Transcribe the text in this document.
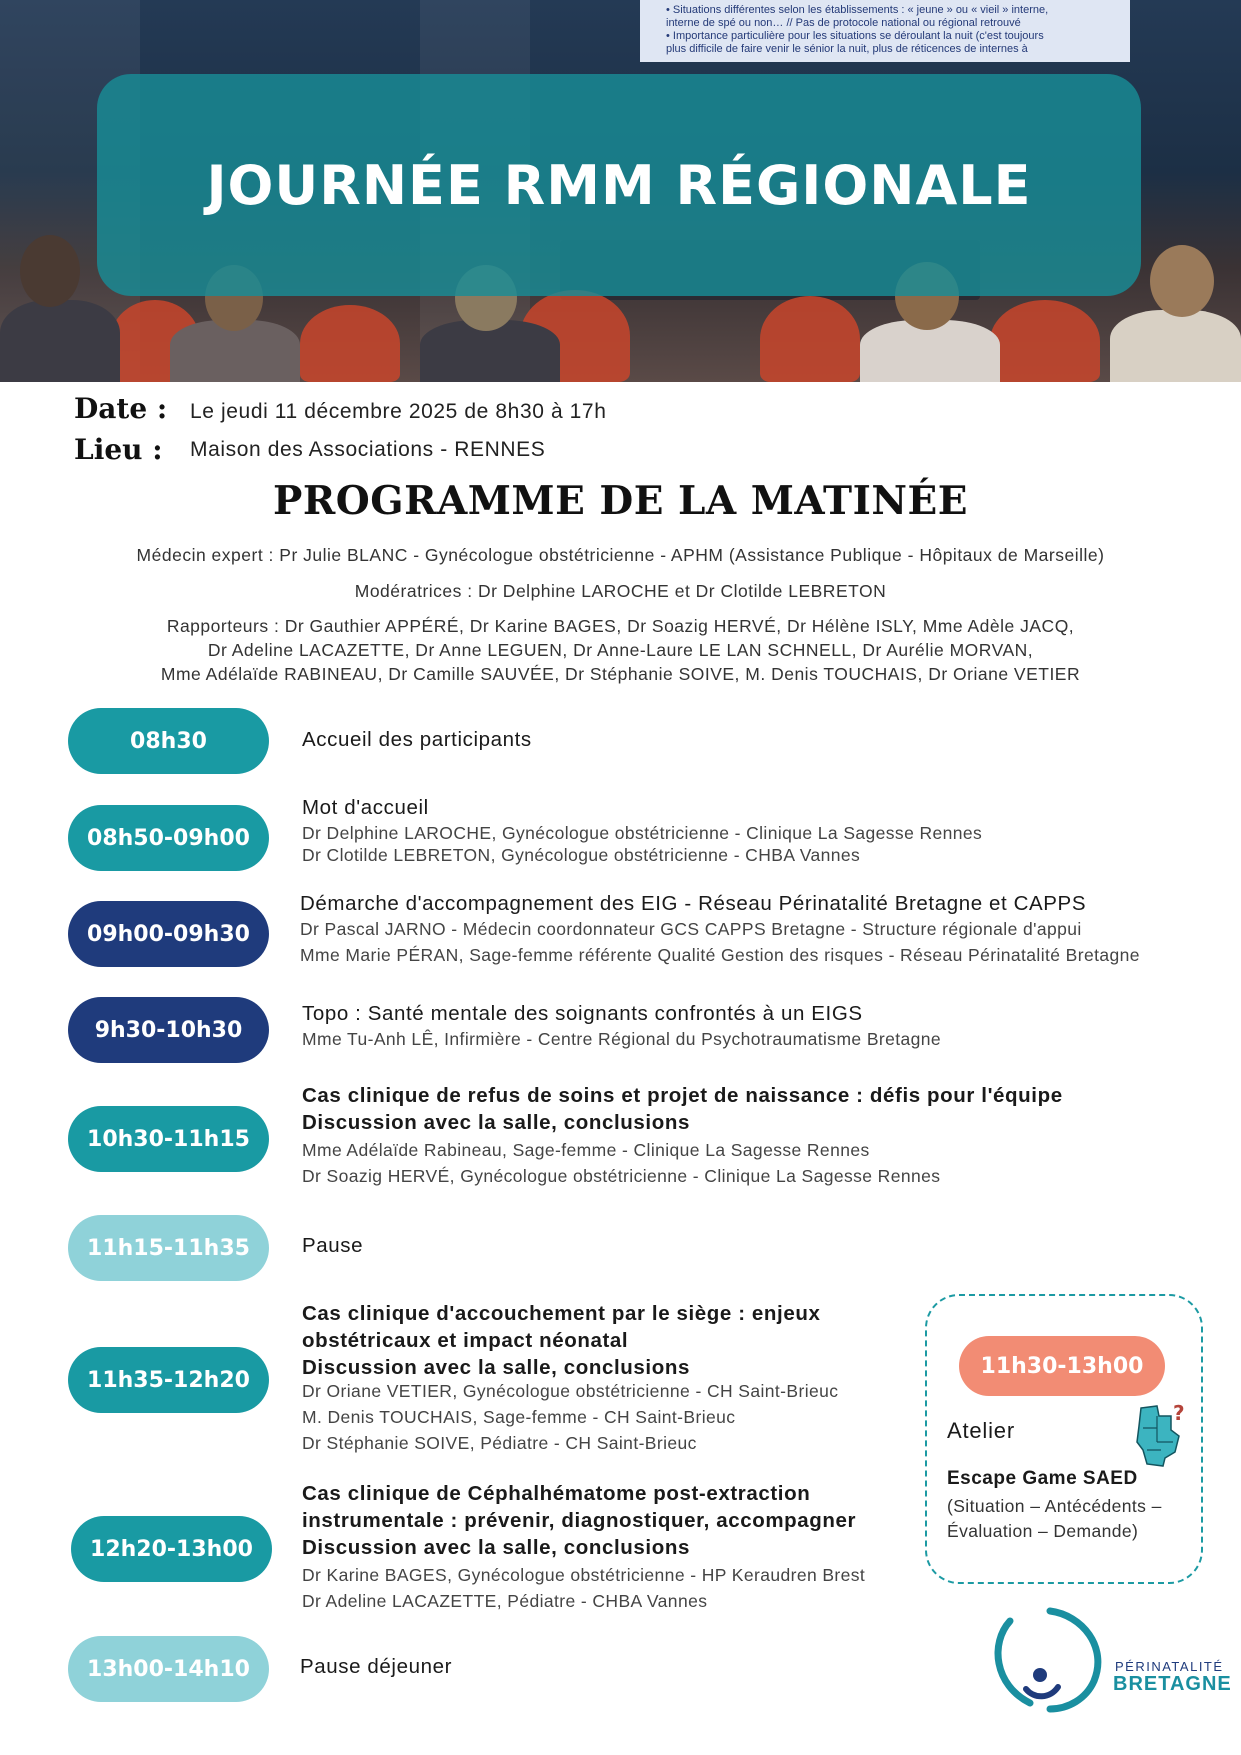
• Situations différentes selon les établissements : « jeune » ou « vieil » interne,
interne de spé ou non… // Pas de protocole national ou régional retrouvé
• Importance particulière pour les situations se déroulant la nuit (c'est toujours
plus difficile de faire venir le sénior la nuit, plus de réticences de internes à
JOURNÉE RMM RÉGIONALE
Date : Le jeudi 11 décembre 2025 de 8h30 à 17h
Lieu : Maison des Associations - RENNES
PROGRAMME DE LA MATINÉE
Médecin expert : Pr Julie BLANC - Gynécologue obstétricienne - APHM (Assistance Publique - Hôpitaux de Marseille)
Modératrices : Dr Delphine LAROCHE et Dr Clotilde LEBRETON
Rapporteurs : Dr Gauthier APPÉRÉ, Dr Karine BAGES, Dr Soazig HERVÉ, Dr Hélène ISLY, Mme Adèle JACQ,
Dr Adeline LACAZETTE, Dr Anne LEGUEN, Dr Anne-Laure LE LAN SCHNELL, Dr Aurélie MORVAN,
Mme Adélaïde RABINEAU, Dr Camille SAUVÉE, Dr Stéphanie SOIVE, M. Denis TOUCHAIS, Dr Oriane VETIER
08h30	Accueil des participants
08h50-09h00
Mot d'accueil
Dr Delphine LAROCHE, Gynécologue obstétricienne - Clinique La Sagesse Rennes
Dr Clotilde LEBRETON, Gynécologue obstétricienne - CHBA Vannes
09h00-09h30
Démarche d'accompagnement des EIG - Réseau Périnatalité Bretagne et CAPPS
Dr Pascal JARNO - Médecin coordonnateur GCS CAPPS Bretagne - Structure régionale d'appui
Mme Marie PÉRAN, Sage-femme référente Qualité Gestion des risques - Réseau Périnatalité Bretagne
9h30-10h30
Topo : Santé mentale des soignants confrontés à un EIGS
Mme Tu-Anh LÊ, Infirmière - Centre Régional du Psychotraumatisme Bretagne
10h30-11h15
Cas clinique de refus de soins et projet de naissance : défis pour l'équipe
Discussion avec la salle, conclusions
Mme Adélaïde Rabineau, Sage-femme - Clinique La Sagesse Rennes
Dr Soazig HERVÉ, Gynécologue obstétricienne - Clinique La Sagesse Rennes
11h15-11h35	Pause
11h35-12h20
Cas clinique d'accouchement par le siège : enjeux
obstétricaux et impact néonatal
Discussion avec la salle, conclusions
Dr Oriane VETIER, Gynécologue obstétricienne - CH Saint-Brieuc
M. Denis TOUCHAIS, Sage-femme - CH Saint-Brieuc
Dr Stéphanie SOIVE, Pédiatre - CH Saint-Brieuc
12h20-13h00
Cas clinique de Céphalhématome post-extraction
instrumentale : prévenir, diagnostiquer, accompagner
Discussion avec la salle, conclusions
Dr Karine BAGES, Gynécologue obstétricienne - HP Keraudren Brest
Dr Adeline LACAZETTE, Pédiatre - CHBA Vannes
13h00-14h10	Pause déjeuner
11h30-13h00
Atelier
?
Escape Game SAED
(Situation – Antécédents –
Évaluation – Demande)
PÉRINATALITÉ
BRETAGNE
